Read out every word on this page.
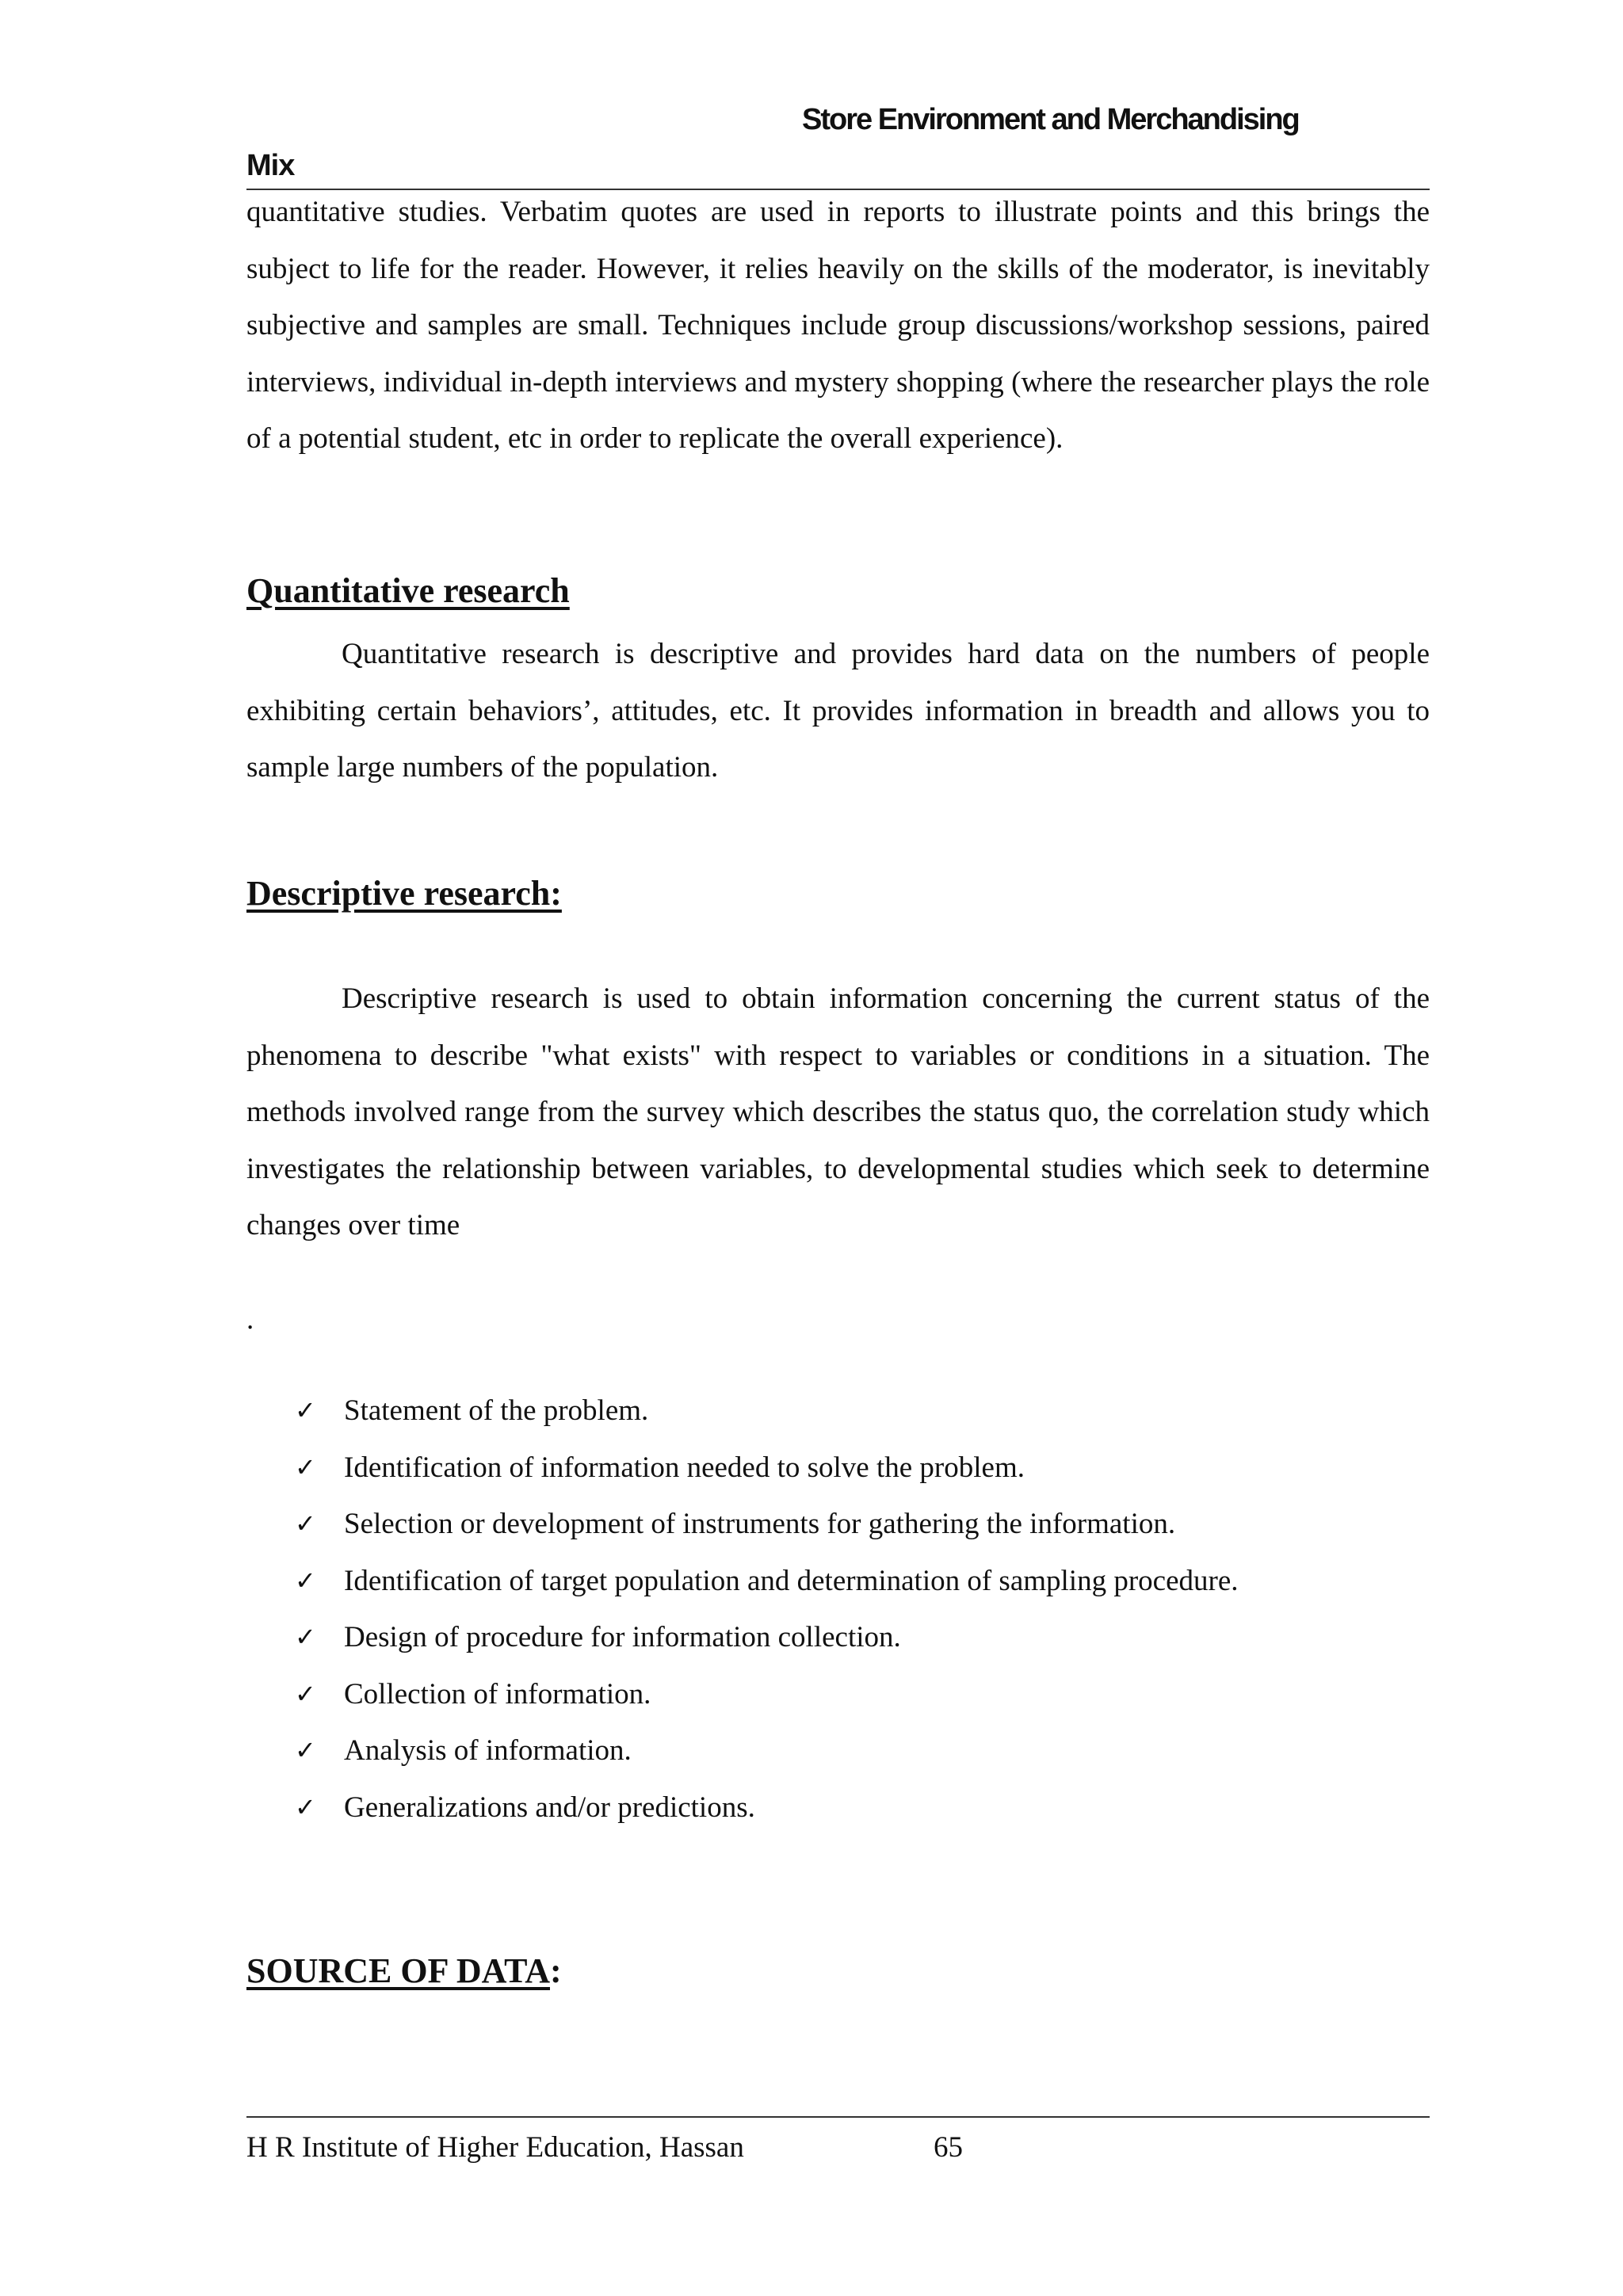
Store Environment and Merchandising
Mix

quantitative studies. Verbatim quotes are used in reports to illustrate points and this brings the subject to life for the reader. However, it relies heavily on the skills of the moderator, is inevitably subjective and samples are small. Techniques include group discussions/workshop sessions, paired interviews, individual in-depth interviews and mystery shopping (where the researcher plays the role of a potential student, etc in order to replicate the overall experience).

Quantitative research

Quantitative research is descriptive and provides hard data on the numbers of people exhibiting certain behaviors’, attitudes, etc. It provides information in breadth and allows you to sample large numbers of the population.

Descriptive research:

Descriptive research is used to obtain information concerning the current status of the phenomena to describe "what exists" with respect to variables or conditions in a situation. The methods involved range from the survey which describes the status quo, the correlation study which investigates the relationship between variables, to developmental studies which seek to determine changes over time

.
✓ Statement of the problem.
✓ Identification of information needed to solve the problem.
✓ Selection or development of instruments for gathering the information.
✓ Identification of target population and determination of sampling procedure.
✓ Design of procedure for information collection.
✓ Collection of information.
✓ Analysis of information.
✓ Generalizations and/or predictions.
SOURCE OF DATA:
H R Institute of Higher Education, Hassan	65
